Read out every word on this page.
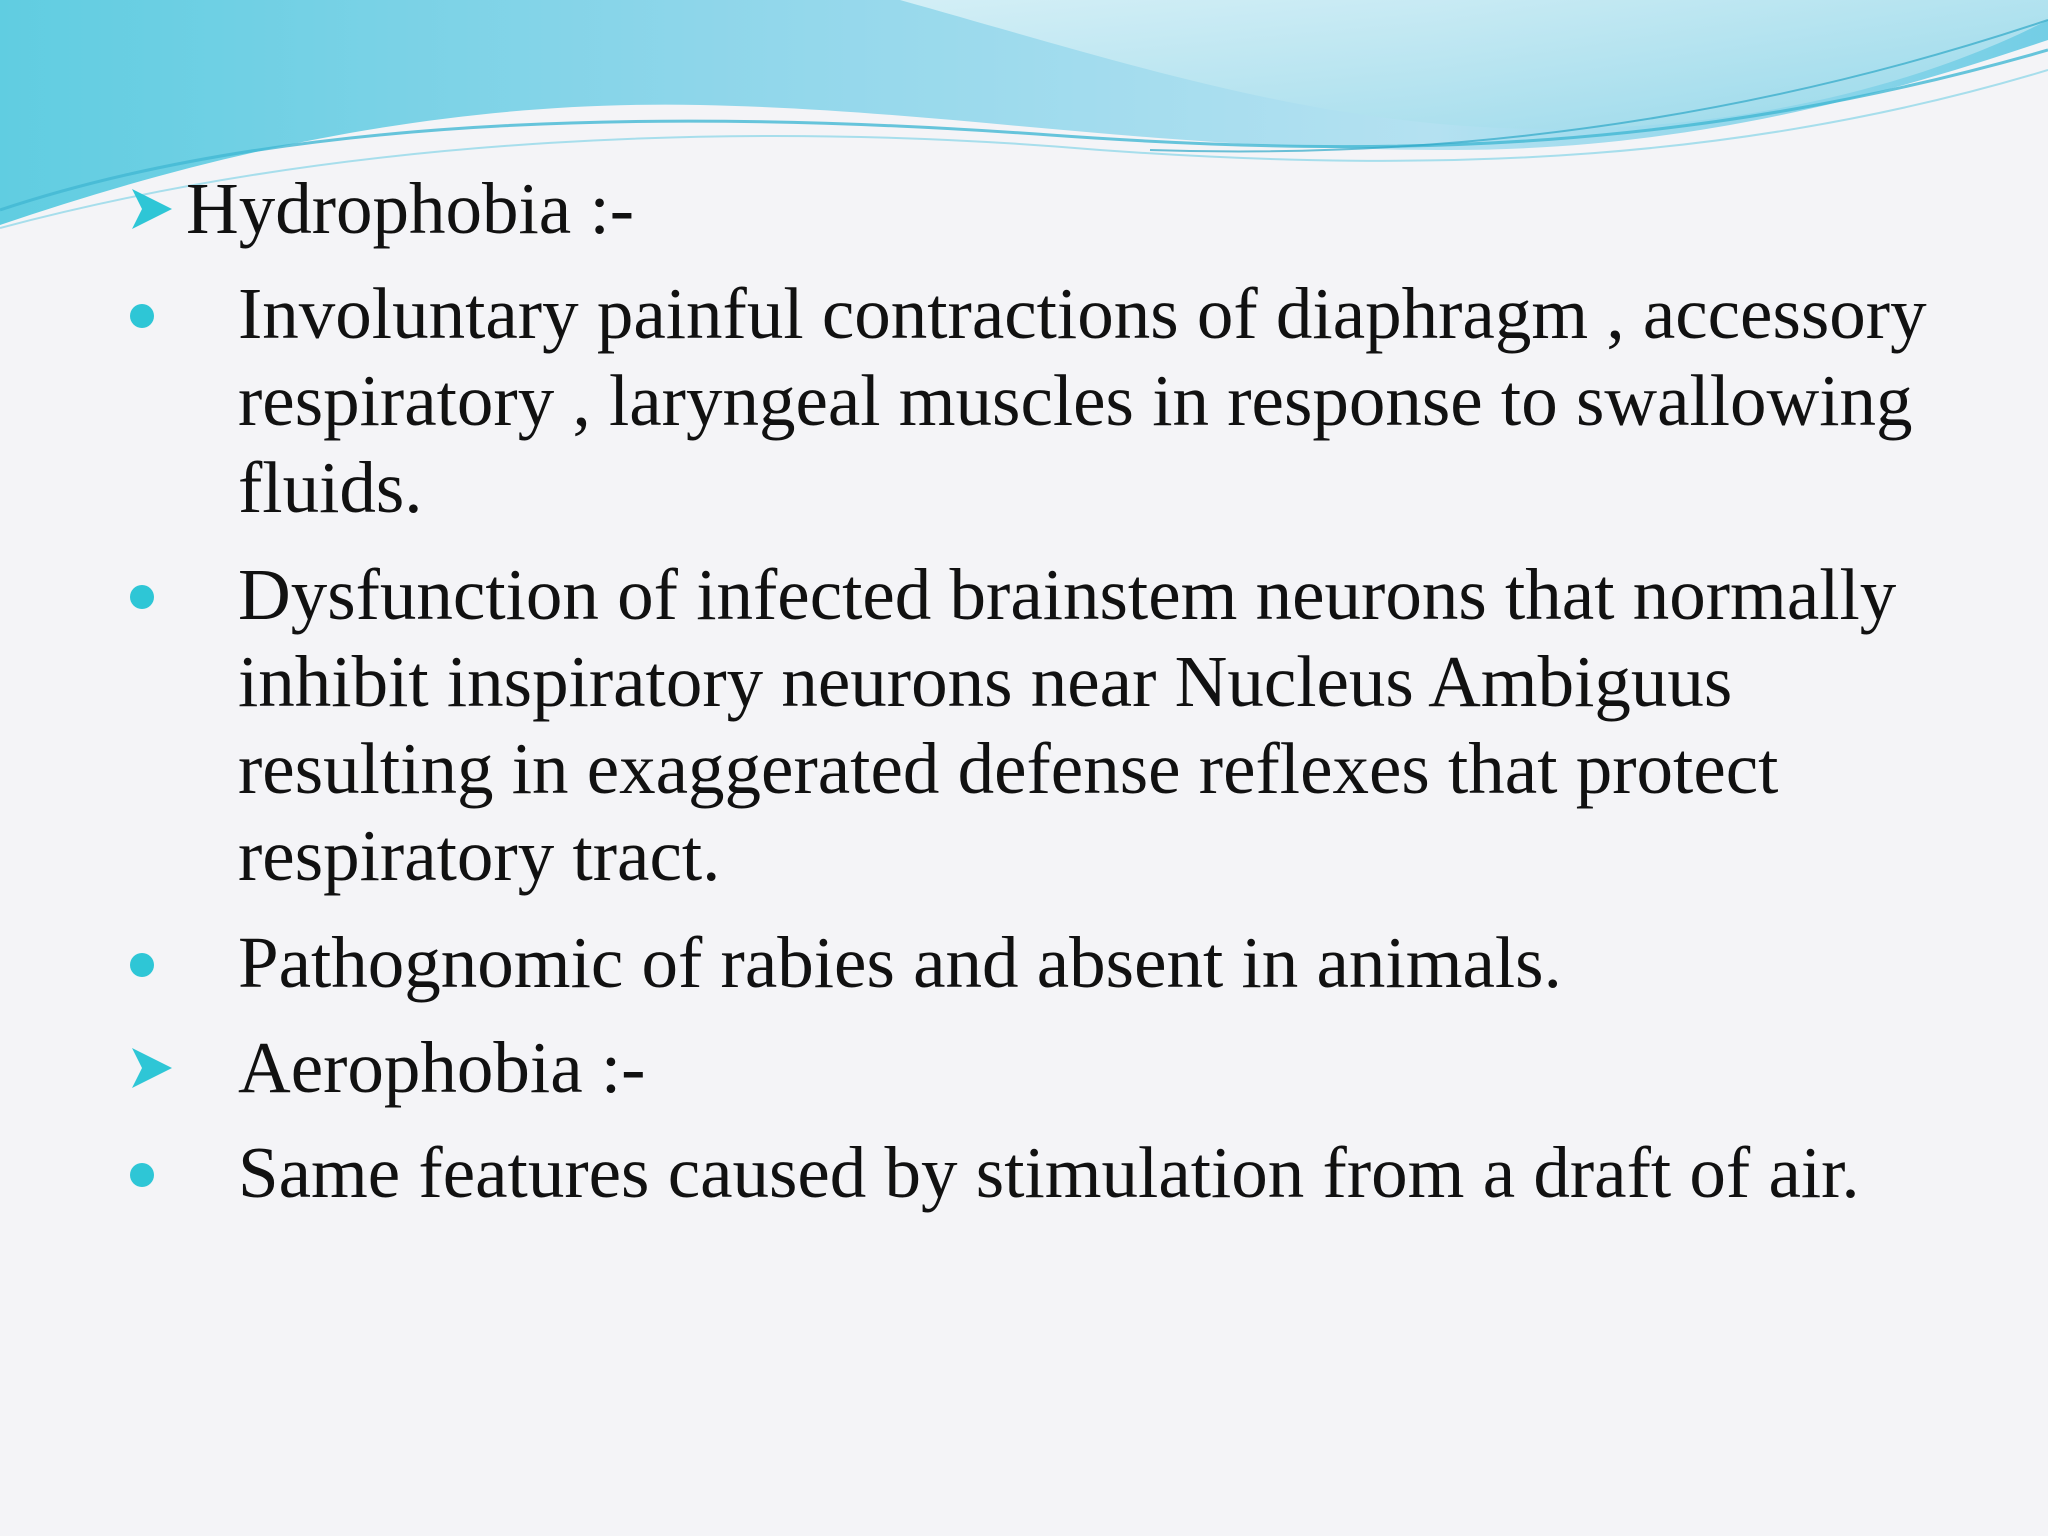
Hydrophobia :-
Involuntary painful contractions of diaphragm , accessory respiratory , laryngeal muscles in response to swallowing fluids.
Dysfunction of infected brainstem neurons that normally inhibit inspiratory neurons near Nucleus Ambiguus resulting in exaggerated defense reflexes that protect respiratory tract.
Pathognomic of rabies and absent in animals.
Aerophobia :-
Same features caused by stimulation from a draft of air.
